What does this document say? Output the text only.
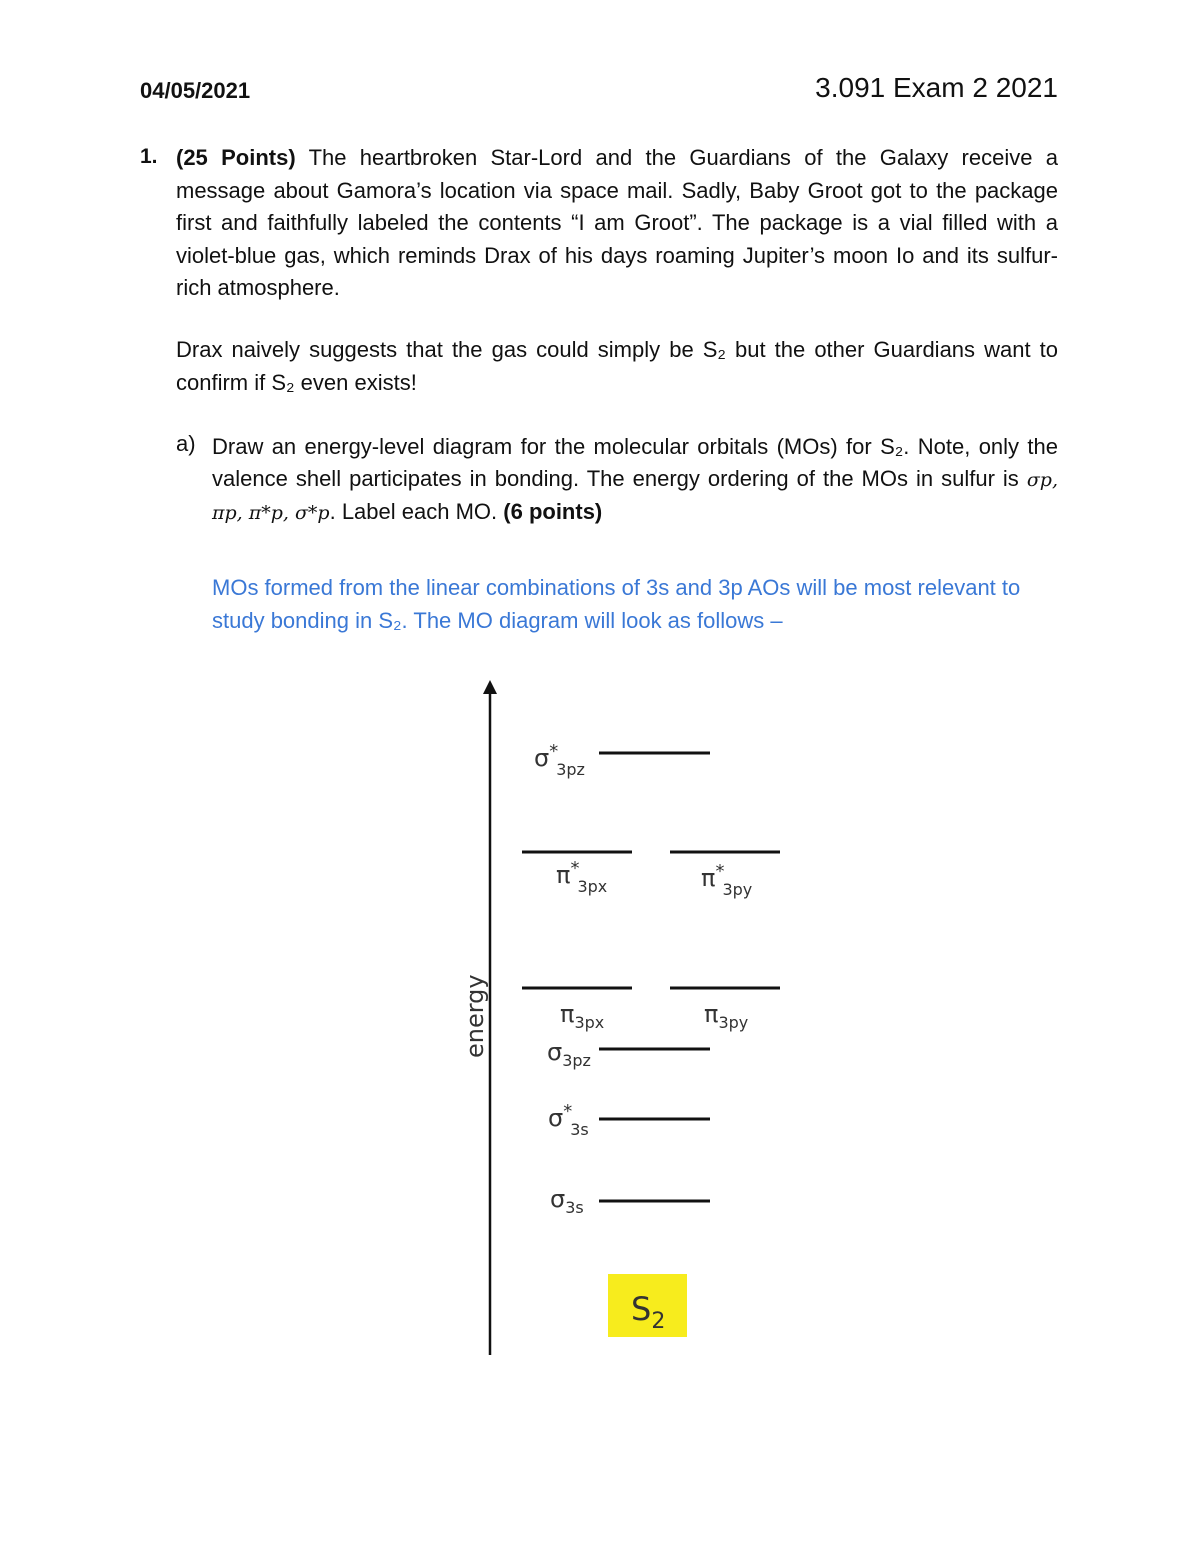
04/05/2021	3.091 Exam 2 2021
1. (25 Points) The heartbroken Star-Lord and the Guardians of the Galaxy receive a message about Gamora’s location via space mail. Sadly, Baby Groot got to the package first and faithfully labeled the contents “I am Groot”. The package is a vial filled with a violet-blue gas, which reminds Drax of his days roaming Jupiter’s moon Io and its sulfur-rich atmosphere.
Drax naively suggests that the gas could simply be S₂ but the other Guardians want to confirm if S₂ even exists!
a) Draw an energy-level diagram for the molecular orbitals (MOs) for S₂. Note, only the valence shell participates in bonding. The energy ordering of the MOs in sulfur is σp, πp, π*p, σ*p. Label each MO. (6 points)
MOs formed from the linear combinations of 3s and 3p AOs will be most relevant to study bonding in S₂. The MO diagram will look as follows –
energy
σ* 3pz
π* 3px	π* 3py
$\pi_{3px}$	$\pi_{3py}$
$\sigma_{3pz}$
σ* 3s
$\sigma_{3s}$
$S_2$
